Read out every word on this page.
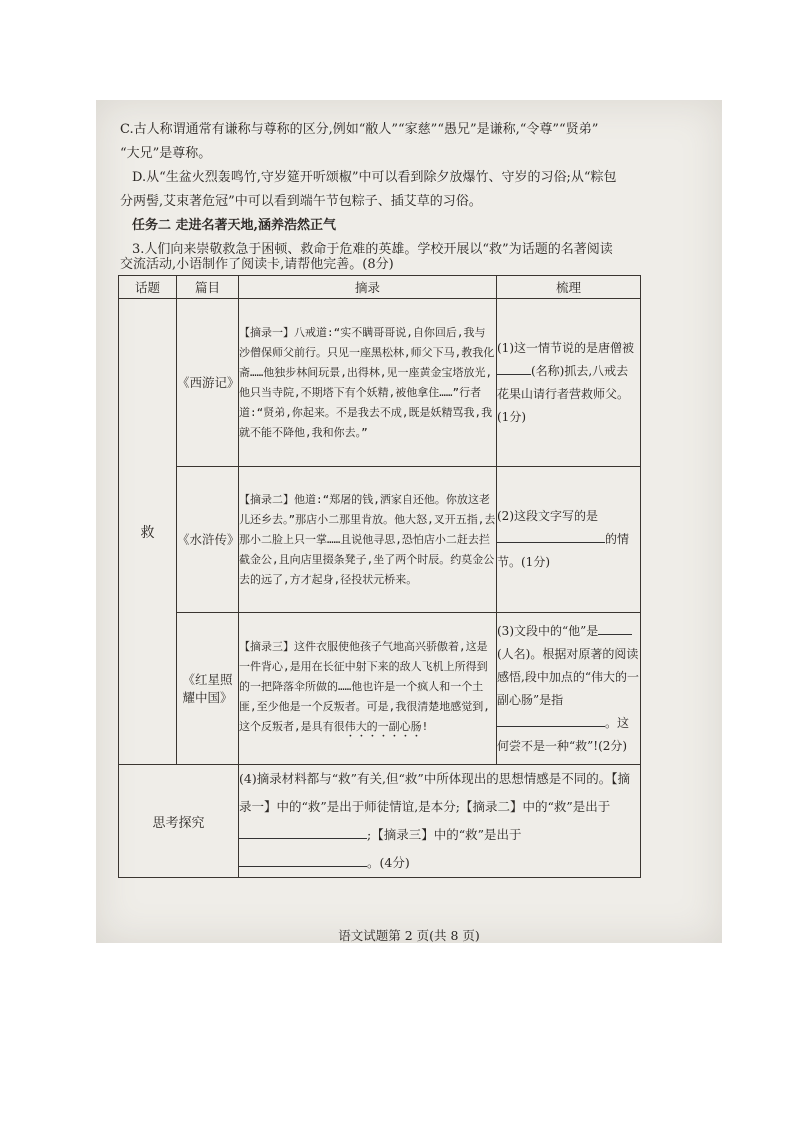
C.古人称谓通常有谦称与尊称的区分,例如“敝人”“家慈”“愚兄”是谦称,“令尊”“贤弟”
“大兄”是尊称。
D.从“生盆火烈轰鸣竹,守岁筵开听颂椒”中可以看到除夕放爆竹、守岁的习俗;从“粽包
分两髻,艾束著危冠”中可以看到端午节包粽子、插艾草的习俗。
任务二 走进名著天地,涵养浩然正气
3.人们向来崇敬救急于困顿、救命于危难的英雄。学校开展以“救”为话题的名著阅读
交流活动,小语制作了阅读卡,请帮他完善。(8分)
话题	篇目	摘录	梳理
救	《西游记》	【摘录一】八戒道:“实不瞒哥哥说,自你回后,我与沙僧保师父前行。只见一座黑松林,师父下马,教我化斋……他独步林间玩景,出得林,见一座黄金宝塔放光,他只当寺院,不期塔下有个妖精,被他拿住……”行者道:“贤弟,你起来。不是我去不成,既是妖精骂我,我就不能不降他,我和你去。”	(1)这一情节说的是唐僧被(名称)抓去,八戒去花果山请行者营救师父。(1分)
	《水浒传》	【摘录二】他道:“郑屠的钱,洒家自还他。你放这老儿还乡去。”那店小二那里肯放。他大怒,叉开五指,去那小二脸上只一掌……且说他寻思,恐怕店小二赶去拦截金公,且向店里掇条凳子,坐了两个时辰。约莫金公去的远了,方才起身,径投状元桥来。	(2)这段文字写的是的情节。(1分)
	《红星照耀中国》	【摘录三】这件衣服使他孩子气地高兴骄傲着,这是一件背心,是用在长征中射下来的敌人飞机上所得到的一把降落伞所做的……他也许是一个疯人和一个土匪,至少他是一个反叛者。可是,我很清楚地感觉到,这个反叛者,是具有很伟大的一副心肠!	(3)文段中的“他”是(人名)。根据对原著的阅读感悟,段中加点的“伟大的一副心肠”是指。这何尝不是一种“救”!(2分)
思考探究		(4)摘录材料都与“救”有关,但“救”中所体现出的思想情感是不同的。【摘录一】中的“救”是出于师徒情谊,是本分;【摘录二】中的“救”是出于;【摘录三】中的“救”是出于。(4分)	
语文试题第 2 页(共 8 页)
